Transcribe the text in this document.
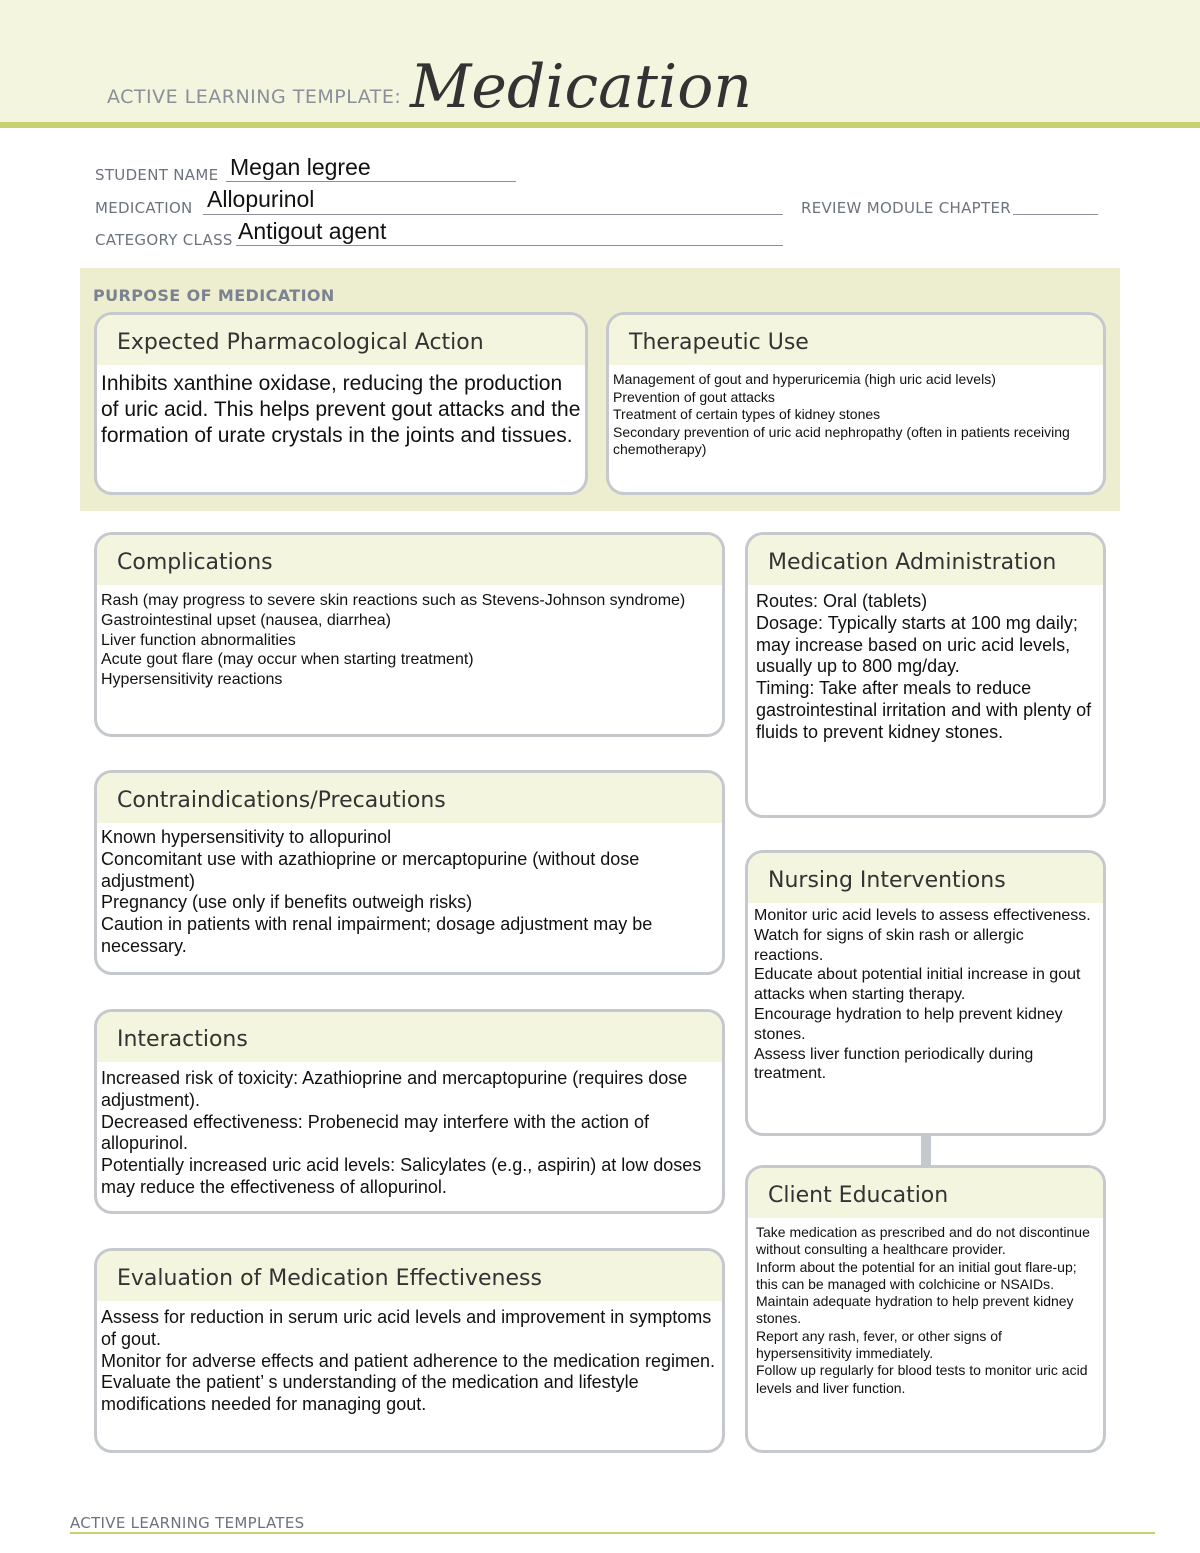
ACTIVE LEARNING TEMPLATE: Medication
STUDENT NAME Megan legree
MEDICATION Allopurinol	REVIEW MODULE CHAPTER
CATEGORY CLASS Antigout agent
PURPOSE OF MEDICATION
Expected Pharmacological Action
Inhibits xanthine oxidase, reducing the production of uric acid. This helps prevent gout attacks and the formation of urate crystals in the joints and tissues.
Therapeutic Use
Management of gout and hyperuricemia (high uric acid levels)
Prevention of gout attacks
Treatment of certain types of kidney stones
Secondary prevention of uric acid nephropathy (often in patients receiving chemotherapy)
Complications
Rash (may progress to severe skin reactions such as Stevens-Johnson syndrome)
Gastrointestinal upset (nausea, diarrhea)
Liver function abnormalities
Acute gout flare (may occur when starting treatment)
Hypersensitivity reactions
Contraindications/Precautions
Known hypersensitivity to allopurinol
Concomitant use with azathioprine or mercaptopurine (without dose adjustment)
Pregnancy (use only if benefits outweigh risks)
Caution in patients with renal impairment; dosage adjustment may be necessary.
Interactions
Increased risk of toxicity: Azathioprine and mercaptopurine (requires dose adjustment).
Decreased effectiveness: Probenecid may interfere with the action of allopurinol.
Potentially increased uric acid levels: Salicylates (e.g., aspirin) at low doses may reduce the effectiveness of allopurinol.
Evaluation of Medication Effectiveness
Assess for reduction in serum uric acid levels and improvement in symptoms of gout.
Monitor for adverse effects and patient adherence to the medication regimen.
Evaluate the patient’ s understanding of the medication and lifestyle modifications needed for managing gout.
Medication Administration
Routes: Oral (tablets)
Dosage: Typically starts at 100 mg daily; may increase based on uric acid levels, usually up to 800 mg/day.
Timing: Take after meals to reduce gastrointestinal irritation and with plenty of fluids to prevent kidney stones.
Nursing Interventions
Monitor uric acid levels to assess effectiveness.
Watch for signs of skin rash or allergic reactions.
Educate about potential initial increase in gout attacks when starting therapy.
Encourage hydration to help prevent kidney stones.
Assess liver function periodically during treatment.
Client Education
Take medication as prescribed and do not discontinue without consulting a healthcare provider.
Inform about the potential for an initial gout flare-up; this can be managed with colchicine or NSAIDs.
Maintain adequate hydration to help prevent kidney stones.
Report any rash, fever, or other signs of hypersensitivity immediately.
Follow up regularly for blood tests to monitor uric acid levels and liver function.
ACTIVE LEARNING TEMPLATES
